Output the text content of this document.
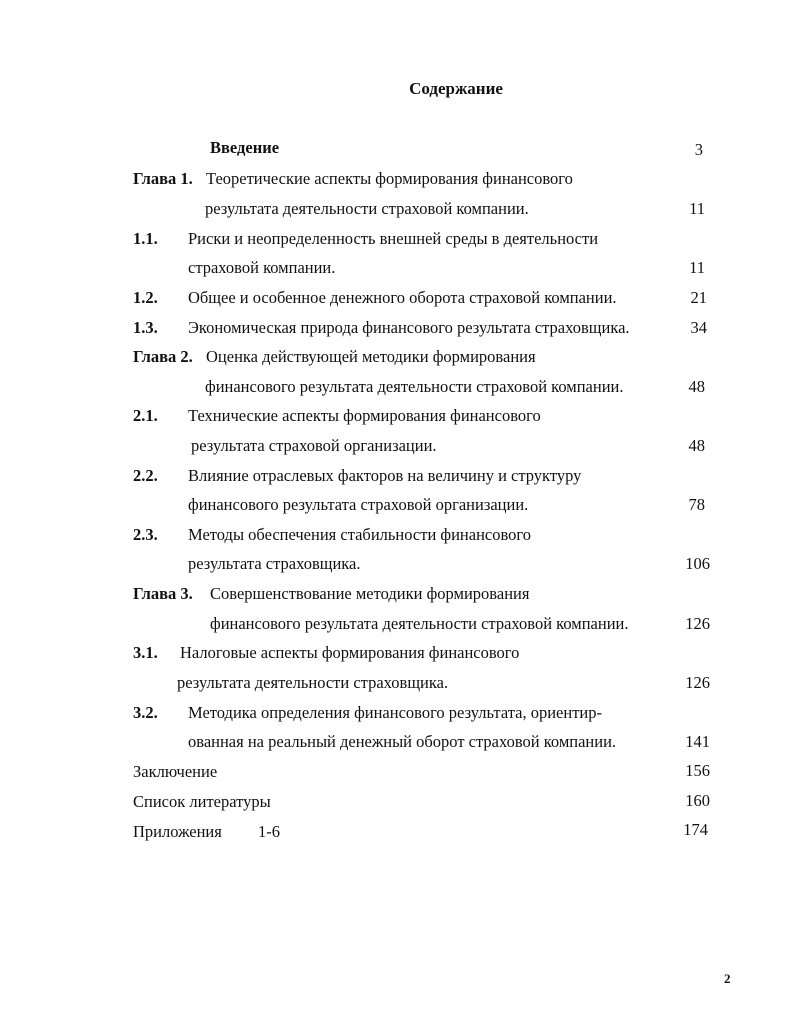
Содержание
Введение	3
Глава 1. Теоретические аспекты формирования финансового
результата деятельности страховой компании.	11
1.1. Риски и неопределенность внешней среды в деятельности
страховой компании.	11
1.2. Общее и особенное денежного оборота страховой компании.	21
1.3. Экономическая природа финансового результата страховщика.	34
Глава 2. Оценка действующей методики формирования
финансового результата деятельности страховой компании.	48
2.1. Технические аспекты формирования финансового
результата страховой организации.	48
2.2. Влияние отраслевых факторов на величину и структуру
финансового результата страховой организации.	78
2.3. Методы обеспечения стабильности финансового
результата страховщика.	106
Глава 3. Совершенствование методики формирования
финансового результата деятельности страховой компании.	126
3.1. Налоговые аспекты формирования финансового
результата деятельности страховщика.	126
3.2. Методика определения финансового результата, ориентир-
ованная на реальный денежный оборот страховой компании.	141
Заключение	156
Список литературы	160
Приложения 1-6	174
2
